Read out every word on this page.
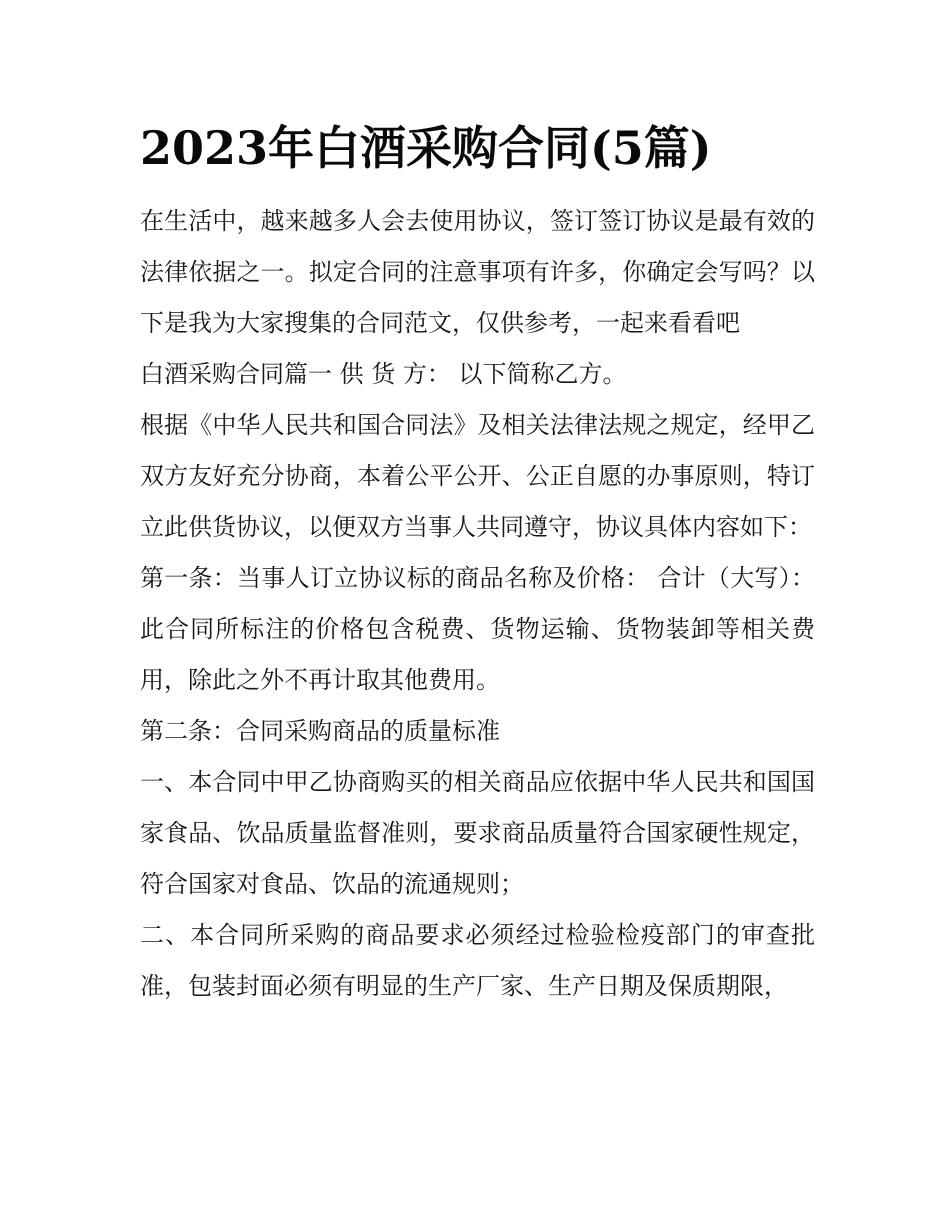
2023年白酒采购合同(5篇)

在生活中，越来越多人会去使用协议，签订签订协议是最有效的法律依据之一。拟定合同的注意事项有许多，你确定会写吗？以下是我为大家搜集的合同范文，仅供参考，一起来看看吧

白酒采购合同篇一 供 货 方： 以下简称乙方。

根据《中华人民共和国合同法》及相关法律法规之规定，经甲乙双方友好充分协商，本着公平公开、公正自愿的办事原则，特订立此供货协议，以便双方当事人共同遵守，协议具体内容如下：

第一条：当事人订立协议标的商品名称及价格： 合计（大写）： 此合同所标注的价格包含税费、货物运输、货物装卸等相关费用，除此之外不再计取其他费用。

第二条：合同采购商品的质量标准

一、本合同中甲乙协商购买的相关商品应依据中华人民共和国国家食品、饮品质量监督准则，要求商品质量符合国家硬性规定，符合国家对食品、饮品的流通规则；

二、本合同所采购的商品要求必须经过检验检疫部门的审查批准，包装封面必须有明显的生产厂家、生产日期及保质期限，
